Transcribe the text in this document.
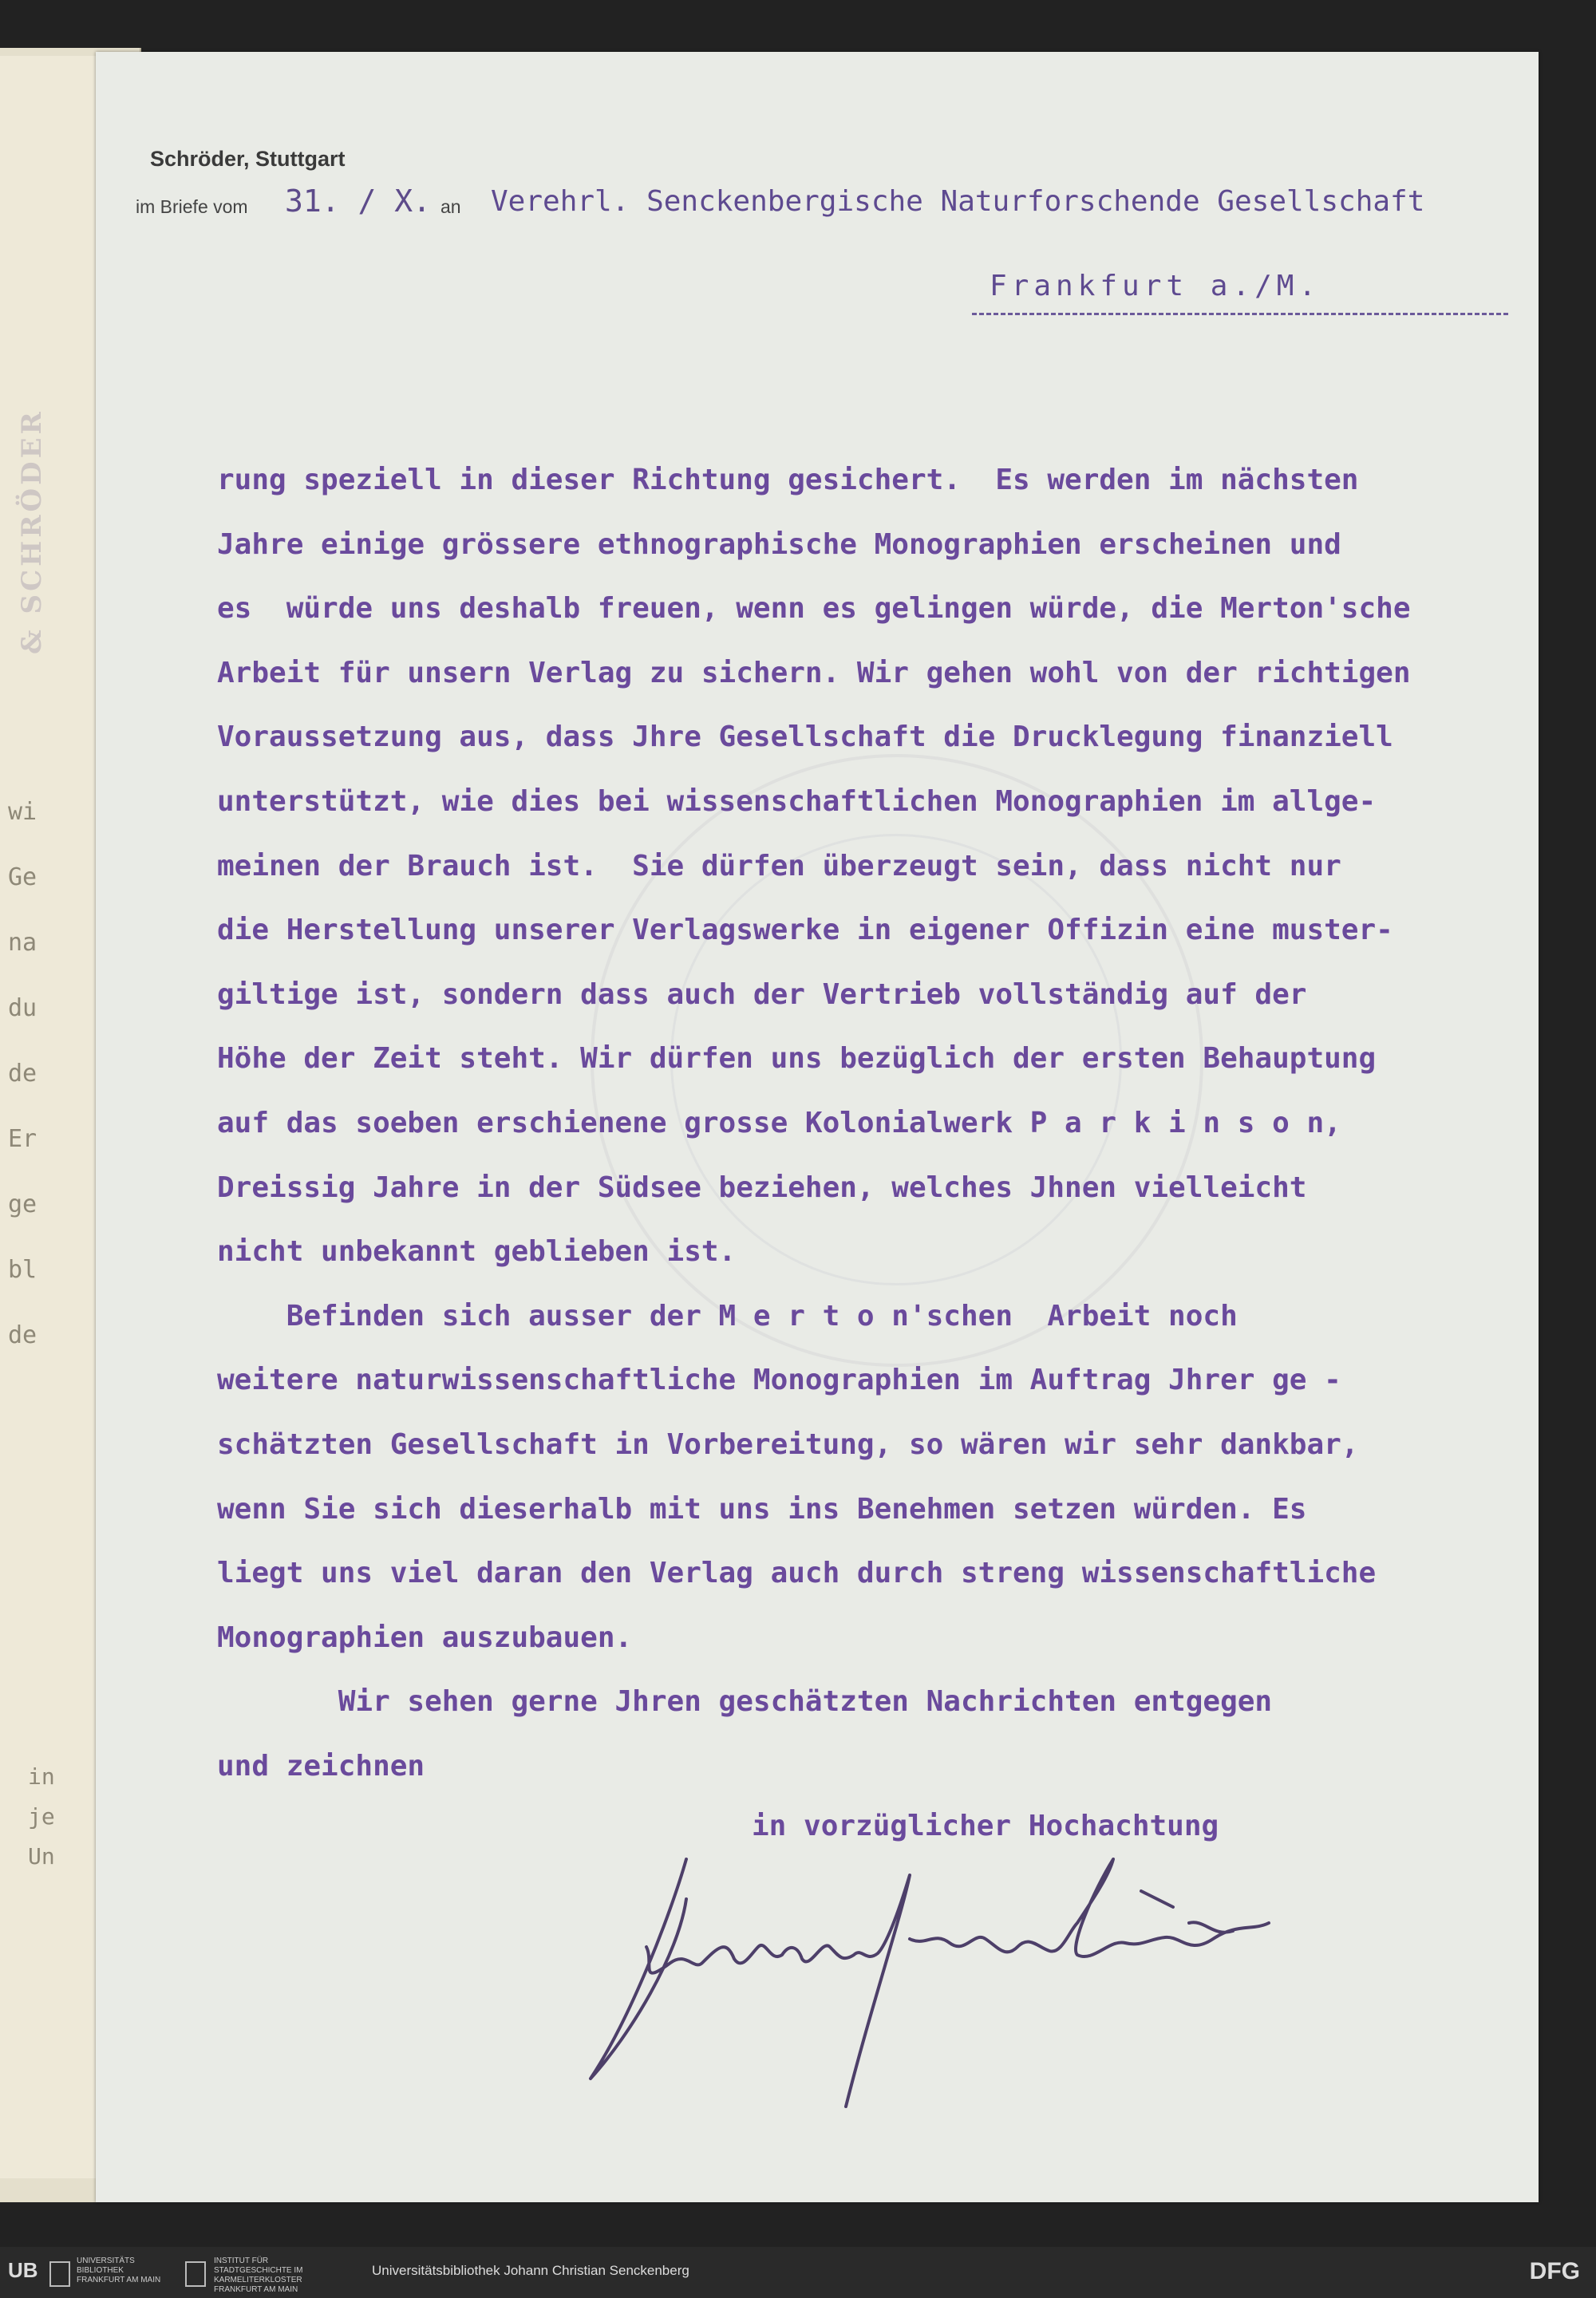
& SCHRÖDER
wi
Ge
na
du
de
Er
ge
bl
de
in
je
Un
Schröder, Stuttgart
im Briefe vom 31. / X. an Verehrl. Senckenbergische Naturforschende Gesellschaft
Frankfurt a./M.
rung speziell in dieser Richtung gesichert.  Es werden im nächsten
Jahre einige grössere ethnographische Monographien erscheinen und
es  würde uns deshalb freuen, wenn es gelingen würde, die Merton'sche
Arbeit für unsern Verlag zu sichern. Wir gehen wohl von der richtigen
Voraussetzung aus, dass Jhre Gesellschaft die Drucklegung finanziell
unterstützt, wie dies bei wissenschaftlichen Monographien im allge-
meinen der Brauch ist.  Sie dürfen überzeugt sein, dass nicht nur
die Herstellung unserer Verlagswerke in eigener Offizin eine muster-
giltige ist, sondern dass auch der Vertrieb vollständig auf der
Höhe der Zeit steht. Wir dürfen uns bezüglich der ersten Behauptung
auf das soeben erschienene grosse Kolonialwerk P a r k i n s o n,
Dreissig Jahre in der Südsee beziehen, welches Jhnen vielleicht
nicht unbekannt geblieben ist.
Befinden sich ausser der M e r t o n'schen  Arbeit noch
weitere naturwissenschaftliche Monographien im Auftrag Jhrer ge -
schätzten Gesellschaft in Vorbereitung, so wären wir sehr dankbar,
wenn Sie sich dieserhalb mit uns ins Benehmen setzen würden. Es
liegt uns viel daran den Verlag auch durch streng wissenschaftliche
Monographien auszubauen.
Wir sehen gerne Jhren geschätzten Nachrichten entgegen
und zeichnen
in vorzüglicher Hochachtung
UB	UNIVERSITÄTS BIBLIOTHEK FRANKFURT AM MAIN
INSTITUT FÜR STADTGESCHICHTE IM KARMELITERKLOSTER FRANKFURT AM MAIN
Universitätsbibliothek Johann Christian Senckenberg	DFG
